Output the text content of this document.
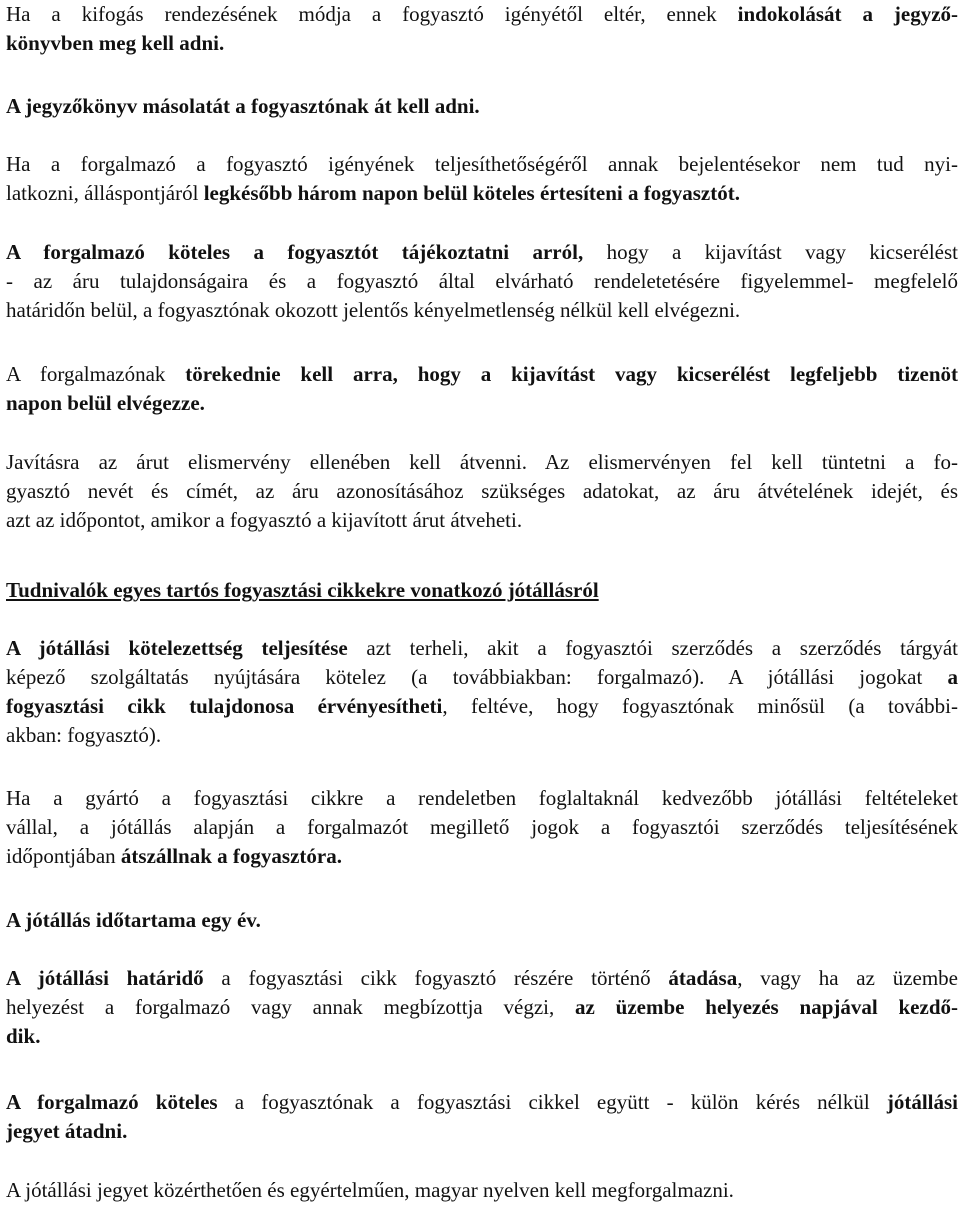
Ha a kifogás rendezésének módja a fogyasztó igényétől eltér, ennek indokolását a jegyző-
könyvben meg kell adni.
A jegyzőkönyv másolatát a fogyasztónak át kell adni.
Ha a forgalmazó a fogyasztó igényének teljesíthetőségéről annak bejelentésekor nem tud nyi-
latkozni, álláspontjáról legkésőbb három napon belül köteles értesíteni a fogyasztót.
A forgalmazó köteles a fogyasztót tájékoztatni arról, hogy a kijavítást vagy kicserélést
- az áru tulajdonságaira és a fogyasztó által elvárható rendeletetésére figyelemmel- megfelelő
határidőn belül, a fogyasztónak okozott jelentős kényelmetlenség nélkül kell elvégezni.
A forgalmazónak törekednie kell arra, hogy a kijavítást vagy kicserélést legfeljebb tizenöt
napon belül elvégezze.
Javításra az árut elismervény ellenében kell átvenni. Az elismervényen fel kell tüntetni a fo-
gyasztó nevét és címét, az áru azonosításához szükséges adatokat, az áru átvételének idejét, és
azt az időpontot, amikor a fogyasztó a kijavított árut átveheti.
Tudnivalók egyes tartós fogyasztási cikkekre vonatkozó jótállásról
A jótállási kötelezettség teljesítése azt terheli, akit a fogyasztói szerződés a szerződés tárgyát
képező szolgáltatás nyújtására kötelez (a továbbiakban: forgalmazó). A jótállási jogokat a
fogyasztási cikk tulajdonosa érvényesítheti, feltéve, hogy fogyasztónak minősül (a további-
akban: fogyasztó).
Ha a gyártó a fogyasztási cikkre a rendeletben foglaltaknál kedvezőbb jótállási feltételeket
vállal, a jótállás alapján a forgalmazót megillető jogok a fogyasztói szerződés teljesítésének
időpontjában átszállnak a fogyasztóra.
A jótállás időtartama egy év.
A jótállási határidő a fogyasztási cikk fogyasztó részére történő átadása, vagy ha az üzembe
helyezést a forgalmazó vagy annak megbízottja végzi, az üzembe helyezés napjával kezdő-
dik.
A forgalmazó köteles a fogyasztónak a fogyasztási cikkel együtt - külön kérés nélkül jótállási
jegyet átadni.
A jótállási jegyet közérthetően és egyértelműen, magyar nyelven kell megforgalmazni.
